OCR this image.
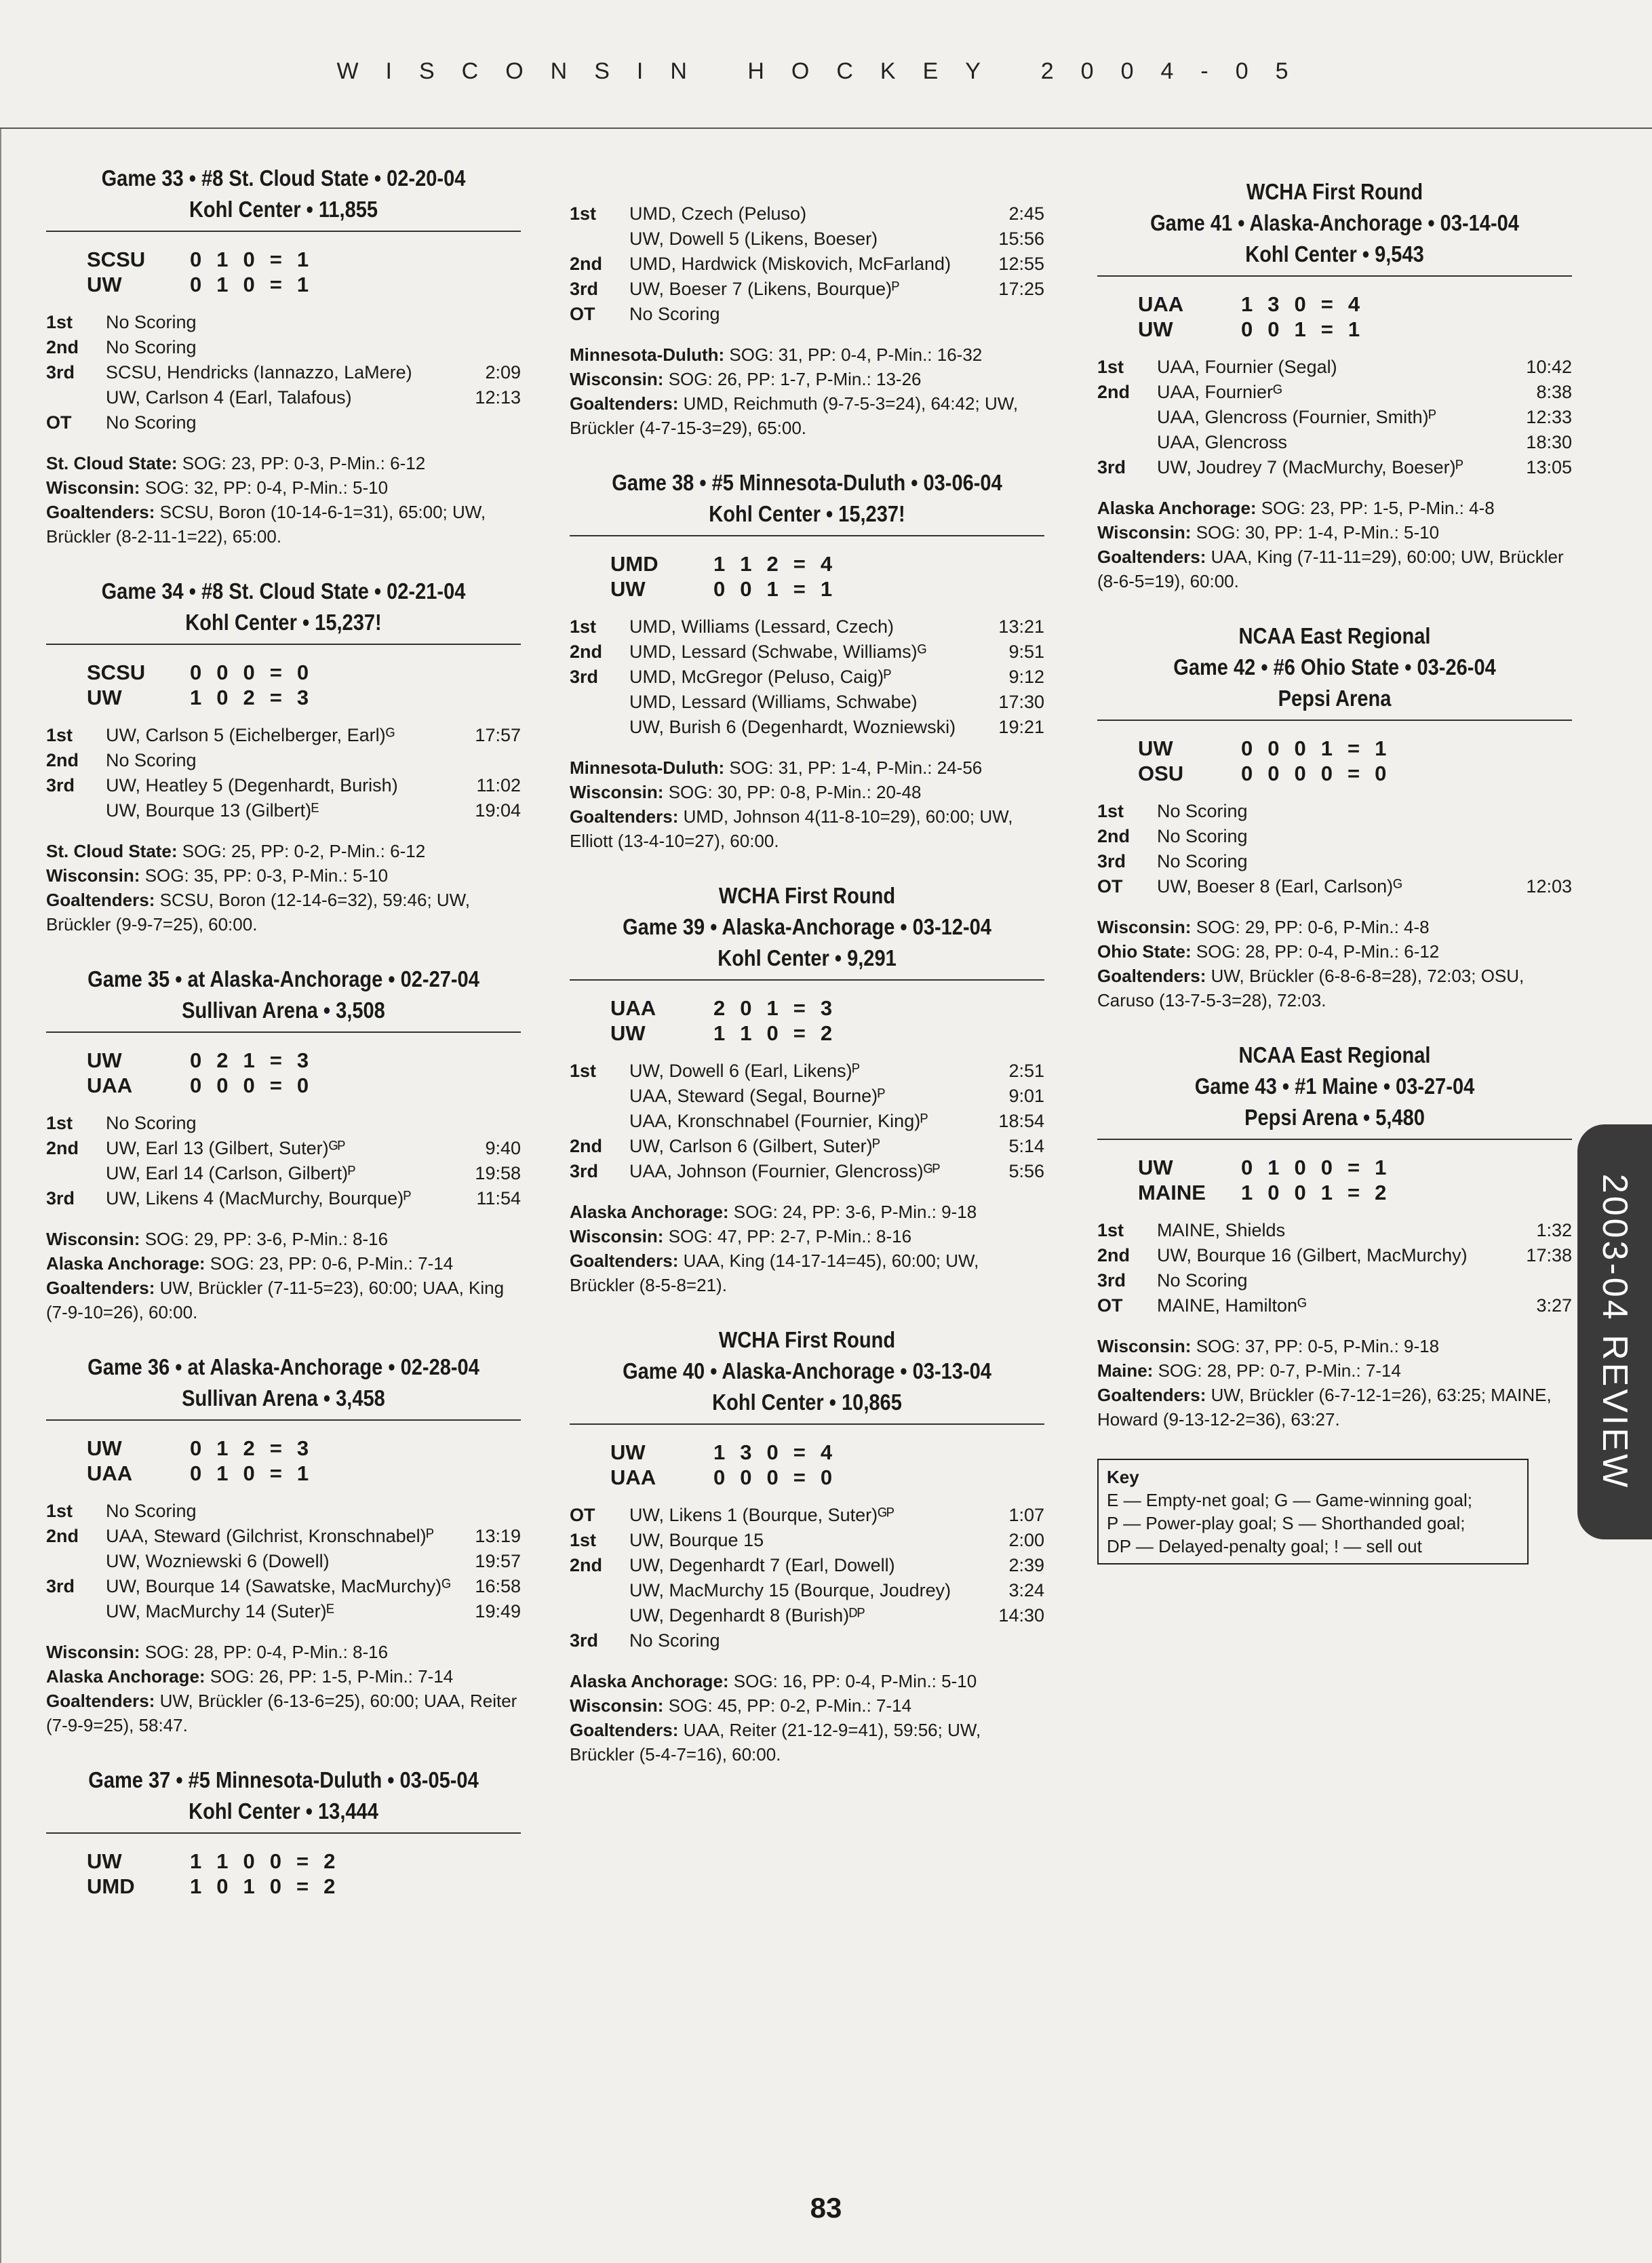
WISCONSIN HOCKEY 2004-05
Game 33 • #8 St. Cloud State • 02-20-04
Kohl Center • 11,855
SCSU	0	1	0	=	1
UW	0	1	0	=	1
1st	No Scoring	
2nd	No Scoring	
3rd	SCSU, Hendricks (Iannazzo, LaMere)	2:09
	UW, Carlson 4 (Earl, Talafous)	12:13
OT	No Scoring	
St. Cloud State: SOG: 23, PP: 0-3, P-Min.: 6-12
Wisconsin: SOG: 32, PP: 0-4, P-Min.: 5-10
Goaltenders: SCSU, Boron (10-14-6-1=31), 65:00; UW, Brückler (8-2-11-1=22), 65:00.
Game 34 • #8 St. Cloud State • 02-21-04
Kohl Center • 15,237!
SCSU	0	0	0	=	0
UW	1	0	2	=	3
1st	UW, Carlson 5 (Eichelberger, Earl)ᴳ	17:57
2nd	No Scoring	
3rd	UW, Heatley 5 (Degenhardt, Burish)	11:02
	UW, Bourque 13 (Gilbert)ᴱ	19:04
St. Cloud State: SOG: 25, PP: 0-2, P-Min.: 6-12
Wisconsin: SOG: 35, PP: 0-3, P-Min.: 5-10
Goaltenders: SCSU, Boron (12-14-6=32), 59:46; UW, Brückler (9-9-7=25), 60:00.
Game 35 • at Alaska-Anchorage • 02-27-04
Sullivan Arena • 3,508
UW	0	2	1	=	3
UAA	0	0	0	=	0
1st	No Scoring	
2nd	UW, Earl 13 (Gilbert, Suter)ᴳᴾ	9:40
	UW, Earl 14 (Carlson, Gilbert)ᴾ	19:58
3rd	UW, Likens 4 (MacMurchy, Bourque)ᴾ	11:54
Wisconsin: SOG: 29, PP: 3-6, P-Min.: 8-16
Alaska Anchorage: SOG: 23, PP: 0-6, P-Min.: 7-14
Goaltenders: UW, Brückler (7-11-5=23), 60:00; UAA, King (7-9-10=26), 60:00.
Game 36 • at Alaska-Anchorage • 02-28-04
Sullivan Arena • 3,458
UW	0	1	2	=	3
UAA	0	1	0	=	1
1st	No Scoring	
2nd	UAA, Steward (Gilchrist, Kronschnabel)ᴾ	13:19
	UW, Wozniewski 6 (Dowell)	19:57
3rd	UW, Bourque 14 (Sawatske, MacMurchy)ᴳ	16:58
	UW, MacMurchy 14 (Suter)ᴱ	19:49
Wisconsin: SOG: 28, PP: 0-4, P-Min.: 8-16
Alaska Anchorage: SOG: 26, PP: 1-5, P-Min.: 7-14
Goaltenders: UW, Brückler (6-13-6=25), 60:00; UAA, Reiter (7-9-9=25), 58:47.
Game 37 • #5 Minnesota-Duluth • 03-05-04
Kohl Center • 13,444
UW	1	1	0	0	=	2
UMD	1	0	1	0	=	2
1st	UMD, Czech (Peluso)	2:45
	UW, Dowell 5 (Likens, Boeser)	15:56
2nd	UMD, Hardwick (Miskovich, McFarland)	12:55
3rd	UW, Boeser 7 (Likens, Bourque)ᴾ	17:25
OT	No Scoring	
Minnesota-Duluth: SOG: 31, PP: 0-4, P-Min.: 16-32
Wisconsin: SOG: 26, PP: 1-7, P-Min.: 13-26
Goaltenders: UMD, Reichmuth (9-7-5-3=24), 64:42; UW, Brückler (4-7-15-3=29), 65:00.
Game 38 • #5 Minnesota-Duluth • 03-06-04
Kohl Center • 15,237!
UMD	1	1	2	=	4
UW	0	0	1	=	1
1st	UMD, Williams (Lessard, Czech)	13:21
2nd	UMD, Lessard (Schwabe, Williams)ᴳ	9:51
3rd	UMD, McGregor (Peluso, Caig)ᴾ	9:12
	UMD, Lessard (Williams, Schwabe)	17:30
	UW, Burish 6 (Degenhardt, Wozniewski)	19:21
Minnesota-Duluth: SOG: 31, PP: 1-4, P-Min.: 24-56
Wisconsin: SOG: 30, PP: 0-8, P-Min.: 20-48
Goaltenders: UMD, Johnson 4(11-8-10=29), 60:00; UW, Elliott (13-4-10=27), 60:00.
WCHA First Round
Game 39 • Alaska-Anchorage • 03-12-04
Kohl Center • 9,291
UAA	2	0	1	=	3
UW	1	1	0	=	2
1st	UW, Dowell 6 (Earl, Likens)ᴾ	2:51
	UAA, Steward (Segal, Bourne)ᴾ	9:01
	UAA, Kronschnabel (Fournier, King)ᴾ	18:54
2nd	UW, Carlson 6 (Gilbert, Suter)ᴾ	5:14
3rd	UAA, Johnson (Fournier, Glencross)ᴳᴾ	5:56
Alaska Anchorage: SOG: 24, PP: 3-6, P-Min.: 9-18
Wisconsin: SOG: 47, PP: 2-7, P-Min.: 8-16
Goaltenders: UAA, King (14-17-14=45), 60:00; UW, Brückler (8-5-8=21).
WCHA First Round
Game 40 • Alaska-Anchorage • 03-13-04
Kohl Center • 10,865
UW	1	3	0	=	4
UAA	0	0	0	=	0
OT	UW, Likens 1 (Bourque, Suter)ᴳᴾ	1:07
1st	UW, Bourque 15	2:00
2nd	UW, Degenhardt 7 (Earl, Dowell)	2:39
	UW, MacMurchy 15 (Bourque, Joudrey)	3:24
	UW, Degenhardt 8 (Burish)ᴰᴾ	14:30
3rd	No Scoring	
Alaska Anchorage: SOG: 16, PP: 0-4, P-Min.: 5-10
Wisconsin: SOG: 45, PP: 0-2, P-Min.: 7-14
Goaltenders: UAA, Reiter (21-12-9=41), 59:56; UW, Brückler (5-4-7=16), 60:00.
WCHA First Round
Game 41 • Alaska-Anchorage • 03-14-04
Kohl Center • 9,543
UAA	1	3	0	=	4
UW	0	0	1	=	1
1st	UAA, Fournier (Segal)	10:42
2nd	UAA, Fournierᴳ	8:38
	UAA, Glencross (Fournier, Smith)ᴾ	12:33
	UAA, Glencross	18:30
3rd	UW, Joudrey 7 (MacMurchy, Boeser)ᴾ	13:05
Alaska Anchorage: SOG: 23, PP: 1-5, P-Min.: 4-8
Wisconsin: SOG: 30, PP: 1-4, P-Min.: 5-10
Goaltenders: UAA, King (7-11-11=29), 60:00; UW, Brückler (8-6-5=19), 60:00.
NCAA East Regional
Game 42 • #6 Ohio State • 03-26-04
Pepsi Arena
UW	0	0	0	1	=	1
OSU	0	0	0	0	=	0
1st	No Scoring	
2nd	No Scoring	
3rd	No Scoring	
OT	UW, Boeser 8 (Earl, Carlson)ᴳ	12:03
Wisconsin: SOG: 29, PP: 0-6, P-Min.: 4-8
Ohio State: SOG: 28, PP: 0-4, P-Min.: 6-12
Goaltenders: UW, Brückler (6-8-6-8=28), 72:03; OSU, Caruso (13-7-5-3=28), 72:03.
NCAA East Regional
Game 43 • #1 Maine • 03-27-04
Pepsi Arena • 5,480
UW	0	1	0	0	=	1
MAINE	1	0	0	1	=	2
1st	MAINE, Shields	1:32
2nd	UW, Bourque 16 (Gilbert, MacMurchy)	17:38
3rd	No Scoring	
OT	MAINE, Hamiltonᴳ	3:27
Wisconsin: SOG: 37, PP: 0-5, P-Min.: 9-18
Maine: SOG: 28, PP: 0-7, P-Min.: 7-14
Goaltenders: UW, Brückler (6-7-12-1=26), 63:25; MAINE, Howard (9-13-12-2=36), 63:27.
Key
E — Empty-net goal; G — Game-winning goal;
P — Power-play goal; S — Shorthanded goal;
DP — Delayed-penalty goal; ! — sell out
2003-04 REVIEW
83
